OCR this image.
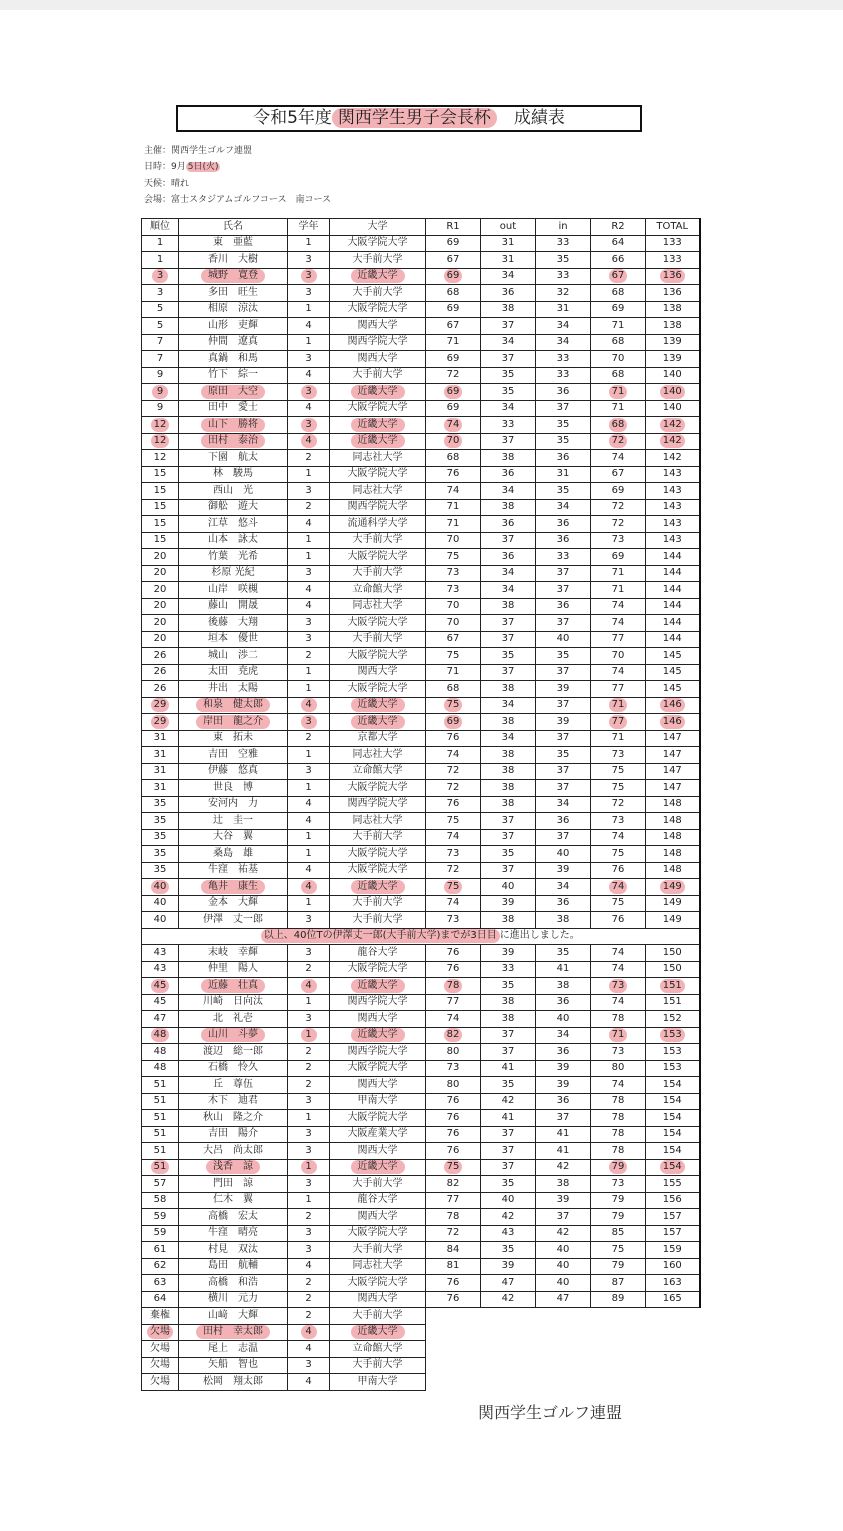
令和5年度 関西学生男子会長杯　 成績表
主催：関西学生ゴルフ連盟
日時：9月 5日(火)
天候：晴れ
会場：富士スタジアムゴルフコース　南コース
順位	氏名	学年	大学	R1	out	in	R2	TOTAL
1	東　亜藍	1	大阪学院大学	69	31	33	64	133
1	香川　大樹	3	大手前大学	67	31	35	66	133
3	城野　寛登	3	近畿大学	69	34	33	67	136
3	多田　旺生	3	大手前大学	68	36	32	68	136
5	相原　涼汰	1	大阪学院大学	69	38	31	69	138
5	山形　吏輝	4	関西大学	67	37	34	71	138
7	仲間　遼真	1	関西学院大学	71	34	34	68	139
7	真鍋　和馬	3	関西大学	69	37	33	70	139
9	竹下　綜一	4	大手前大学	72	35	33	68	140
9	原田　大空	3	近畿大学	69	35	36	71	140
9	田中　愛士	4	大阪学院大学	69	34	37	71	140
12	山下　勝将	3	近畿大学	74	33	35	68	142
12	田村　泰治	4	近畿大学	70	37	35	72	142
12	下園　航太	2	同志社大学	68	38	36	74	142
15	林　駿馬	1	大阪学院大学	76	36	31	67	143
15	西山　光	3	同志社大学	74	34	35	69	143
15	御舩　遊大	2	関西学院大学	71	38	34	72	143
15	江草　悠斗	4	流通科学大学	71	36	36	72	143
15	山本　詠太	1	大手前大学	70	37	36	73	143
20	竹葉　光希	1	大阪学院大学	75	36	33	69	144
20	杉原 光紀	3	大手前大学	73	34	37	71	144
20	山岸　咲槻	4	立命館大学	73	34	37	71	144
20	藤山　開晟	4	同志社大学	70	38	36	74	144
20	後藤　大翔	3	大阪学院大学	70	37	37	74	144
20	垣本　優世	3	大手前大学	67	37	40	77	144
26	城山　渉二	2	大阪学院大学	75	35	35	70	145
26	太田　尭虎	1	関西大学	71	37	37	74	145
26	井出　太陽	1	大阪学院大学	68	38	39	77	145
29	和泉　健太郎	4	近畿大学	75	34	37	71	146
29	岸田　龍之介	3	近畿大学	69	38	39	77	146
31	東　拓未	2	京都大学	76	34	37	71	147
31	吉田　空雅	1	同志社大学	74	38	35	73	147
31	伊藤　悠真	3	立命館大学	72	38	37	75	147
31	世良　博	1	大阪学院大学	72	38	37	75	147
35	安河内　力	4	関西学院大学	76	38	34	72	148
35	辻　圭一	4	同志社大学	75	37	36	73	148
35	大谷　翼	1	大手前大学	74	37	37	74	148
35	桑島　雄	1	大阪学院大学	73	35	40	75	148
35	牛窪　祐基	4	大阪学院大学	72	37	39	76	148
40	亀井　康生	4	近畿大学	75	40	34	74	149
40	金本　大輝	1	大手前大学	74	39	36	75	149
40	伊澤　丈一郎	3	大手前大学	73	38	38	76	149
以上、40位Tの伊澤丈一郎(大手前大学)までが3日目 に進出しました。								
43	末岐　幸輝	3	龍谷大学	76	39	35	74	150
43	仲里　陽人	2	大阪学院大学	76	33	41	74	150
45	近藤　壮真	4	近畿大学	78	35	38	73	151
45	川崎　日向汰	1	関西学院大学	77	38	36	74	151
47	北　礼壱	3	関西大学	74	38	40	78	152
48	山川　斗夢	1	近畿大学	82	37	34	71	153
48	渡辺　総一郎	2	関西学院大学	80	37	36	73	153
48	石橋　怜久	2	大阪学院大学	73	41	39	80	153
51	丘　尊伍	2	関西大学	80	35	39	74	154
51	木下　迪君	3	甲南大学	76	42	36	78	154
51	秋山　隆之介	1	大阪学院大学	76	41	37	78	154
51	吉田　陽介	3	大阪産業大学	76	37	41	78	154
51	大呂　尚太郎	3	関西大学	76	37	41	78	154
51	浅香　諒	1	近畿大学	75	37	42	79	154
57	門田　諒	3	大手前大学	82	35	38	73	155
58	仁木　翼	1	龍谷大学	77	40	39	79	156
59	高橋　宏太	2	関西大学	78	42	37	79	157
59	牛窪　晴亮	3	大阪学院大学	72	43	42	85	157
61	村見　双汰	3	大手前大学	84	35	40	75	159
62	島田　航輔	4	同志社大学	81	39	40	79	160
63	高橋　和浩	2	大阪学院大学	76	47	40	87	163
64	横川　元力	2	関西大学	76	42	47	89	165
棄権	山﨑　大輝	2	大手前大学					
欠場	田村　幸太郎	4	近畿大学					
欠場	尾上　志温	4	立命館大学					
欠場	矢船　智也	3	大手前大学					
欠場	松岡　翔太郎	4	甲南大学					
関西学生ゴルフ連盟
